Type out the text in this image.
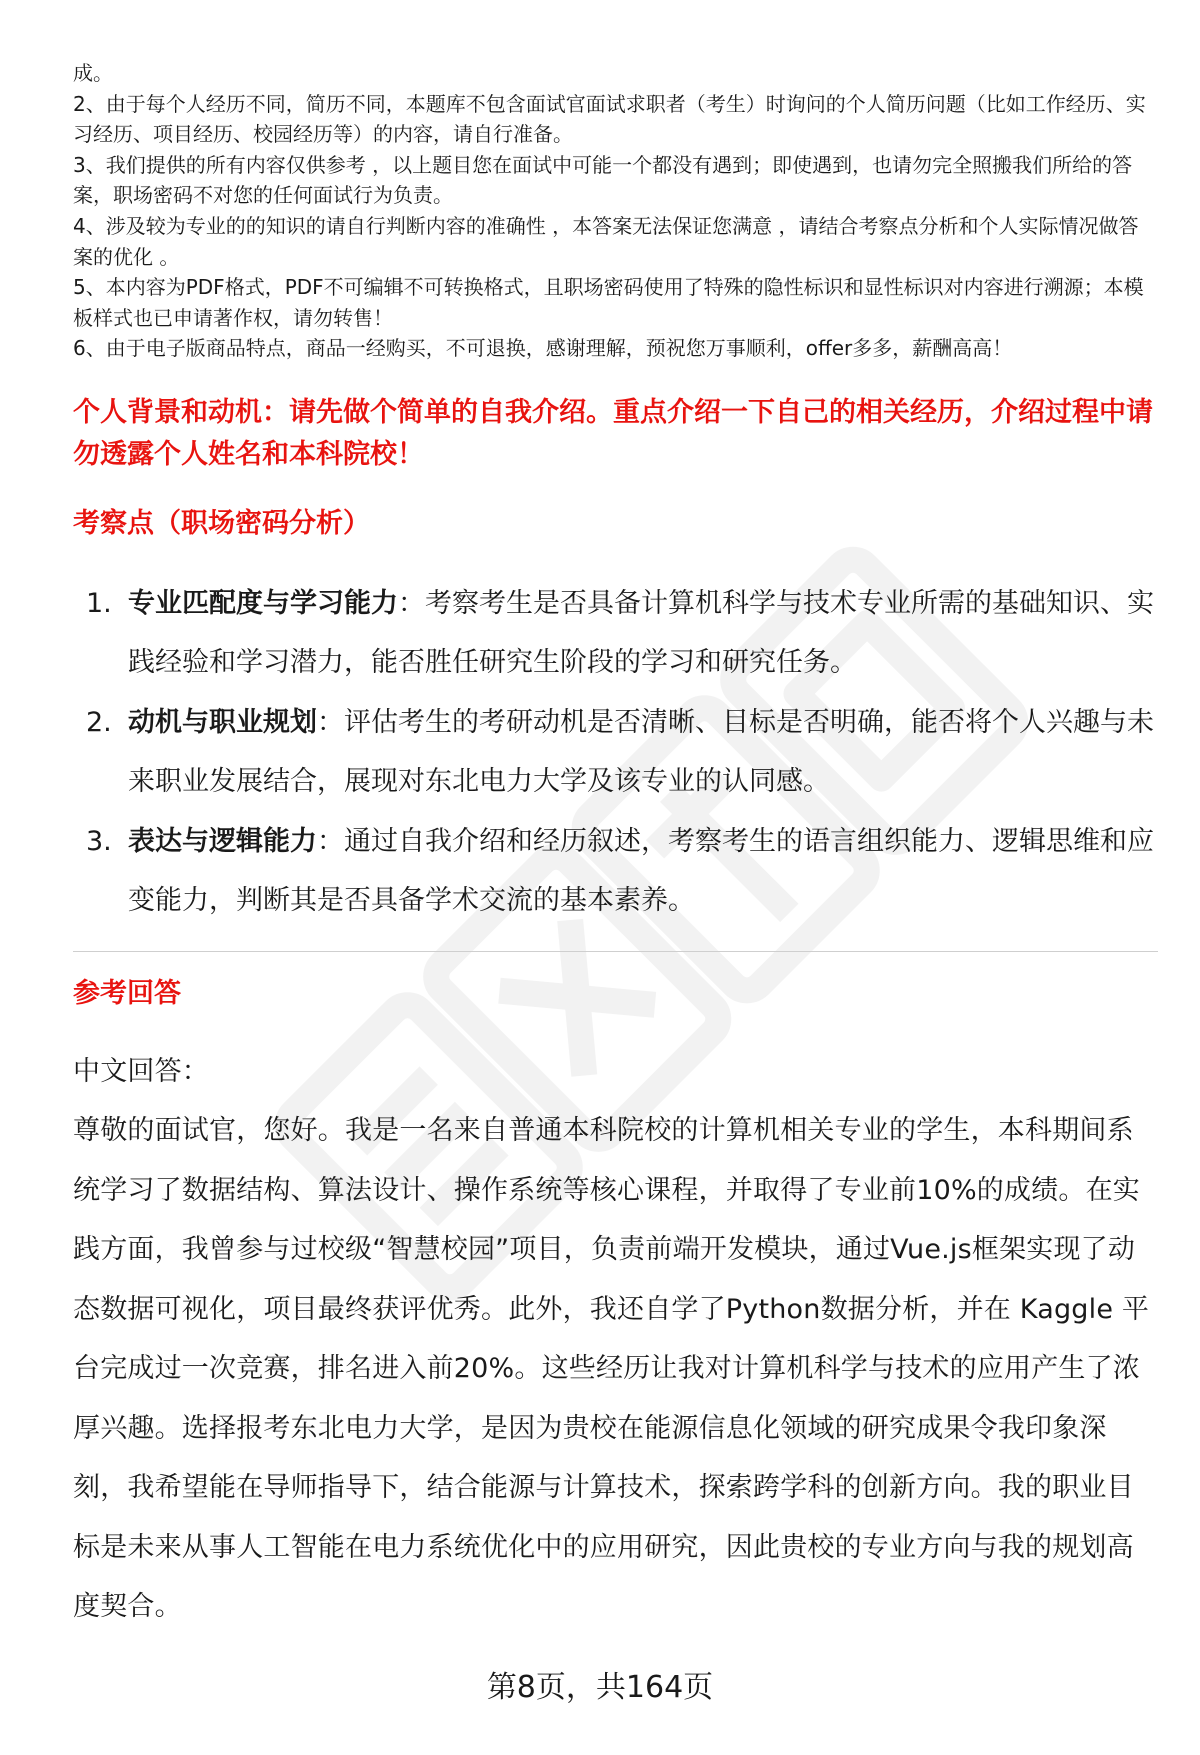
成。

2、由于每个人经历不同，简历不同，本题库不包含面试官面试求职者（考生）时询问的个人简历问题（比如工作经历、实习经历、项目经历、校园经历等）的内容，请自行准备。

3、我们提供的所有内容仅供参考 ，以上题目您在面试中可能一个都没有遇到；即使遇到，也请勿完全照搬我们所给的答案，职场密码不对您的任何面试行为负责。

4、涉及较为专业的的知识的请自行判断内容的准确性 ，本答案无法保证您满意 ，请结合考察点分析和个人实际情况做答案的优化 。

5、本内容为PDF格式，PDF不可编辑不可转换格式，且职场密码使用了特殊的隐性标识和显性标识对内容进行溯源；本模板样式也已申请著作权，请勿转售！

6、由于电子版商品特点，商品一经购买，不可退换，感谢理解，预祝您万事顺利，offer多多，薪酬高高！

个人背景和动机：请先做个简单的自我介绍。重点介绍一下自己的相关经历，介绍过程中请勿透露个人姓名和本科院校！
考察点（职场密码分析）
1. 专业匹配度与学习能力：考察考生是否具备计算机科学与技术专业所需的基础知识、实践经验和学习潜力，能否胜任研究生阶段的学习和研究任务。
2. 动机与职业规划：评估考生的考研动机是否清晰、目标是否明确，能否将个人兴趣与未来职业发展结合，展现对东北电力大学及该专业的认同感。
3. 表达与逻辑能力：通过自我介绍和经历叙述，考察考生的语言组织能力、逻辑思维和应变能力，判断其是否具备学术交流的基本素养。
参考回答

中文回答：

尊敬的面试官，您好。我是一名来自普通本科院校的计算机相关专业的学生，本科期间系统学习了数据结构、算法设计、操作系统等核心课程，并取得了专业前10%的成绩。在实践方面，我曾参与过校级“智慧校园”项目，负责前端开发模块，通过Vue.js框架实现了动态数据可视化，项目最终获评优秀。此外，我还自学了Python数据分析，并在 Kaggle 平台完成过一次竞赛，排名进入前20%。这些经历让我对计算机科学与技术的应用产生了浓厚兴趣。选择报考东北电力大学，是因为贵校在能源信息化领域的研究成果令我印象深刻，我希望能在导师指导下，结合能源与计算技术，探索跨学科的创新方向。我的职业目标是未来从事人工智能在电力系统优化中的应用研究，因此贵校的专业方向与我的规划高度契合。

第8页，共164页
